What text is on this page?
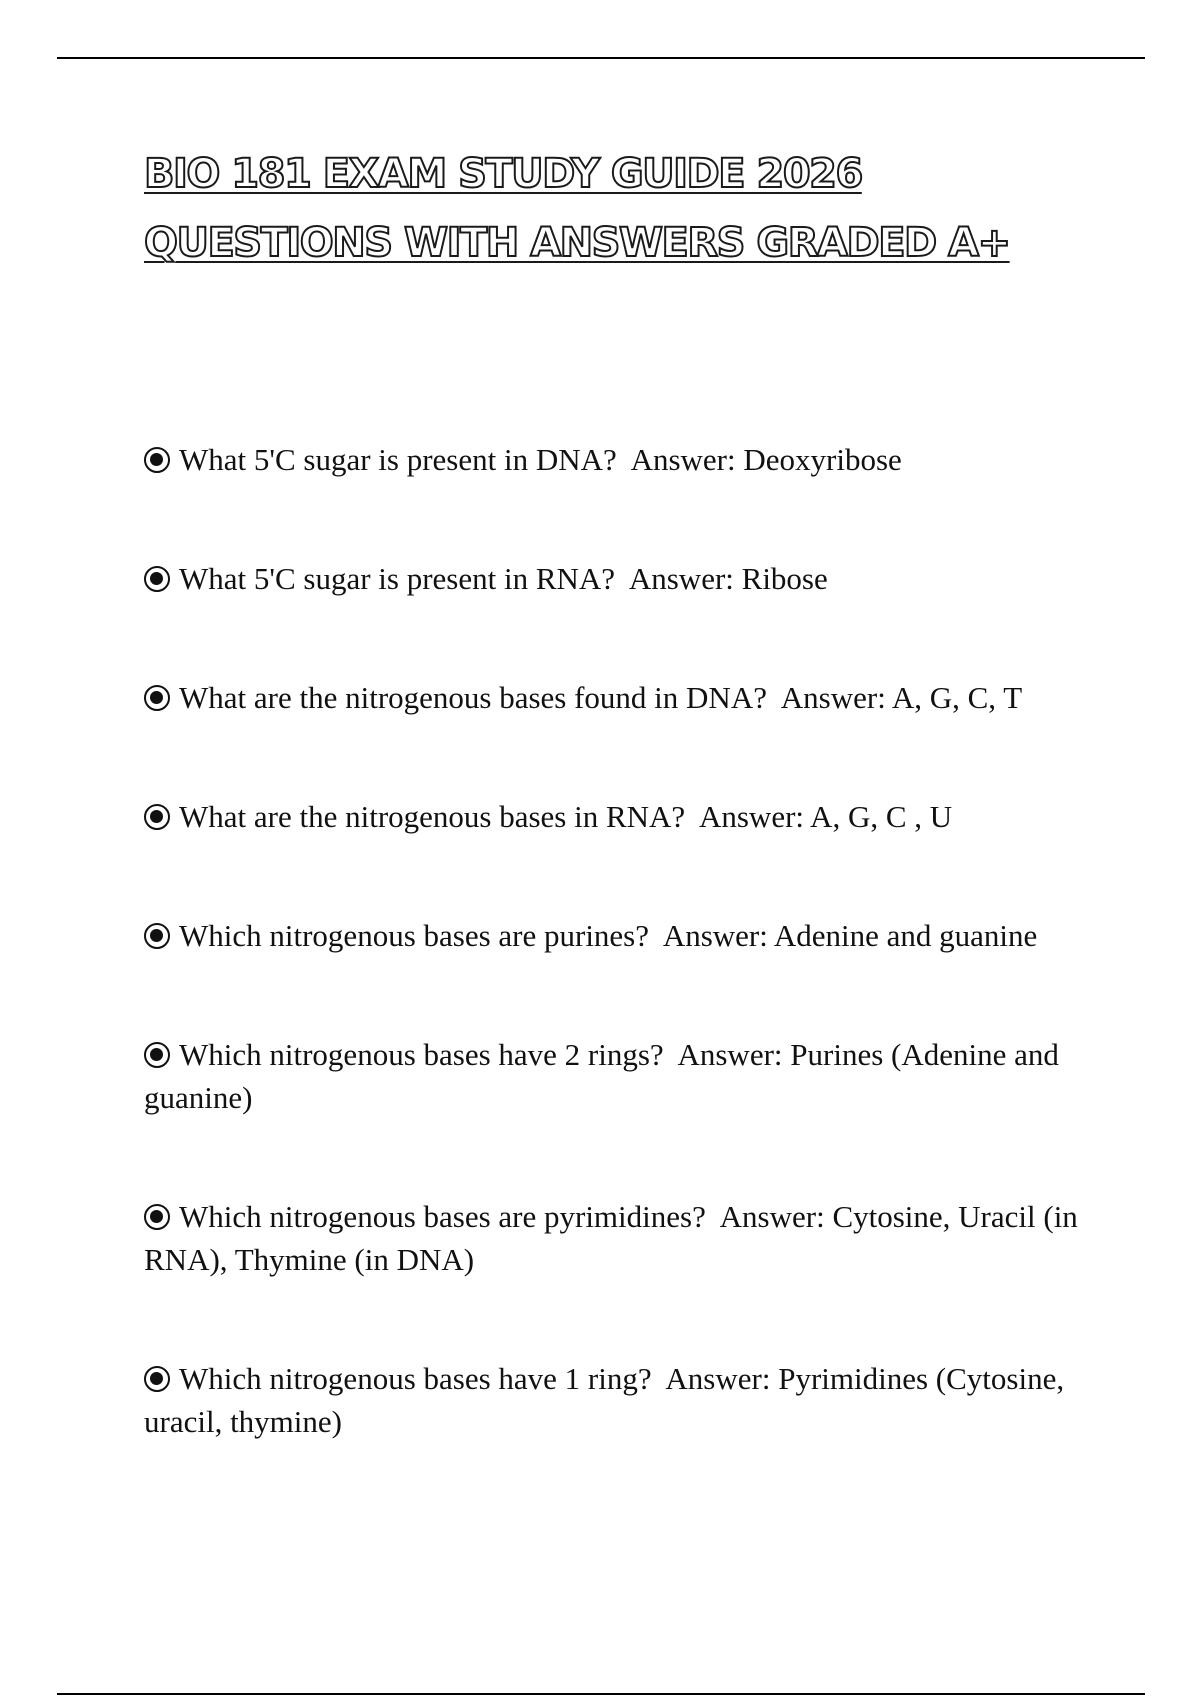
BIO 181 EXAM STUDY GUIDE 2026 QUESTIONS WITH ANSWERS GRADED A+
What 5'C sugar is present in DNA? Answer: Deoxyribose
What 5'C sugar is present in RNA? Answer: Ribose
What are the nitrogenous bases found in DNA? Answer: A, G, C, T
What are the nitrogenous bases in RNA? Answer: A, G, C , U
Which nitrogenous bases are purines? Answer: Adenine and guanine
Which nitrogenous bases have 2 rings? Answer: Purines (Adenine and guanine)
Which nitrogenous bases are pyrimidines? Answer: Cytosine, Uracil (in RNA), Thymine (in DNA)
Which nitrogenous bases have 1 ring? Answer: Pyrimidines (Cytosine, uracil, thymine)
